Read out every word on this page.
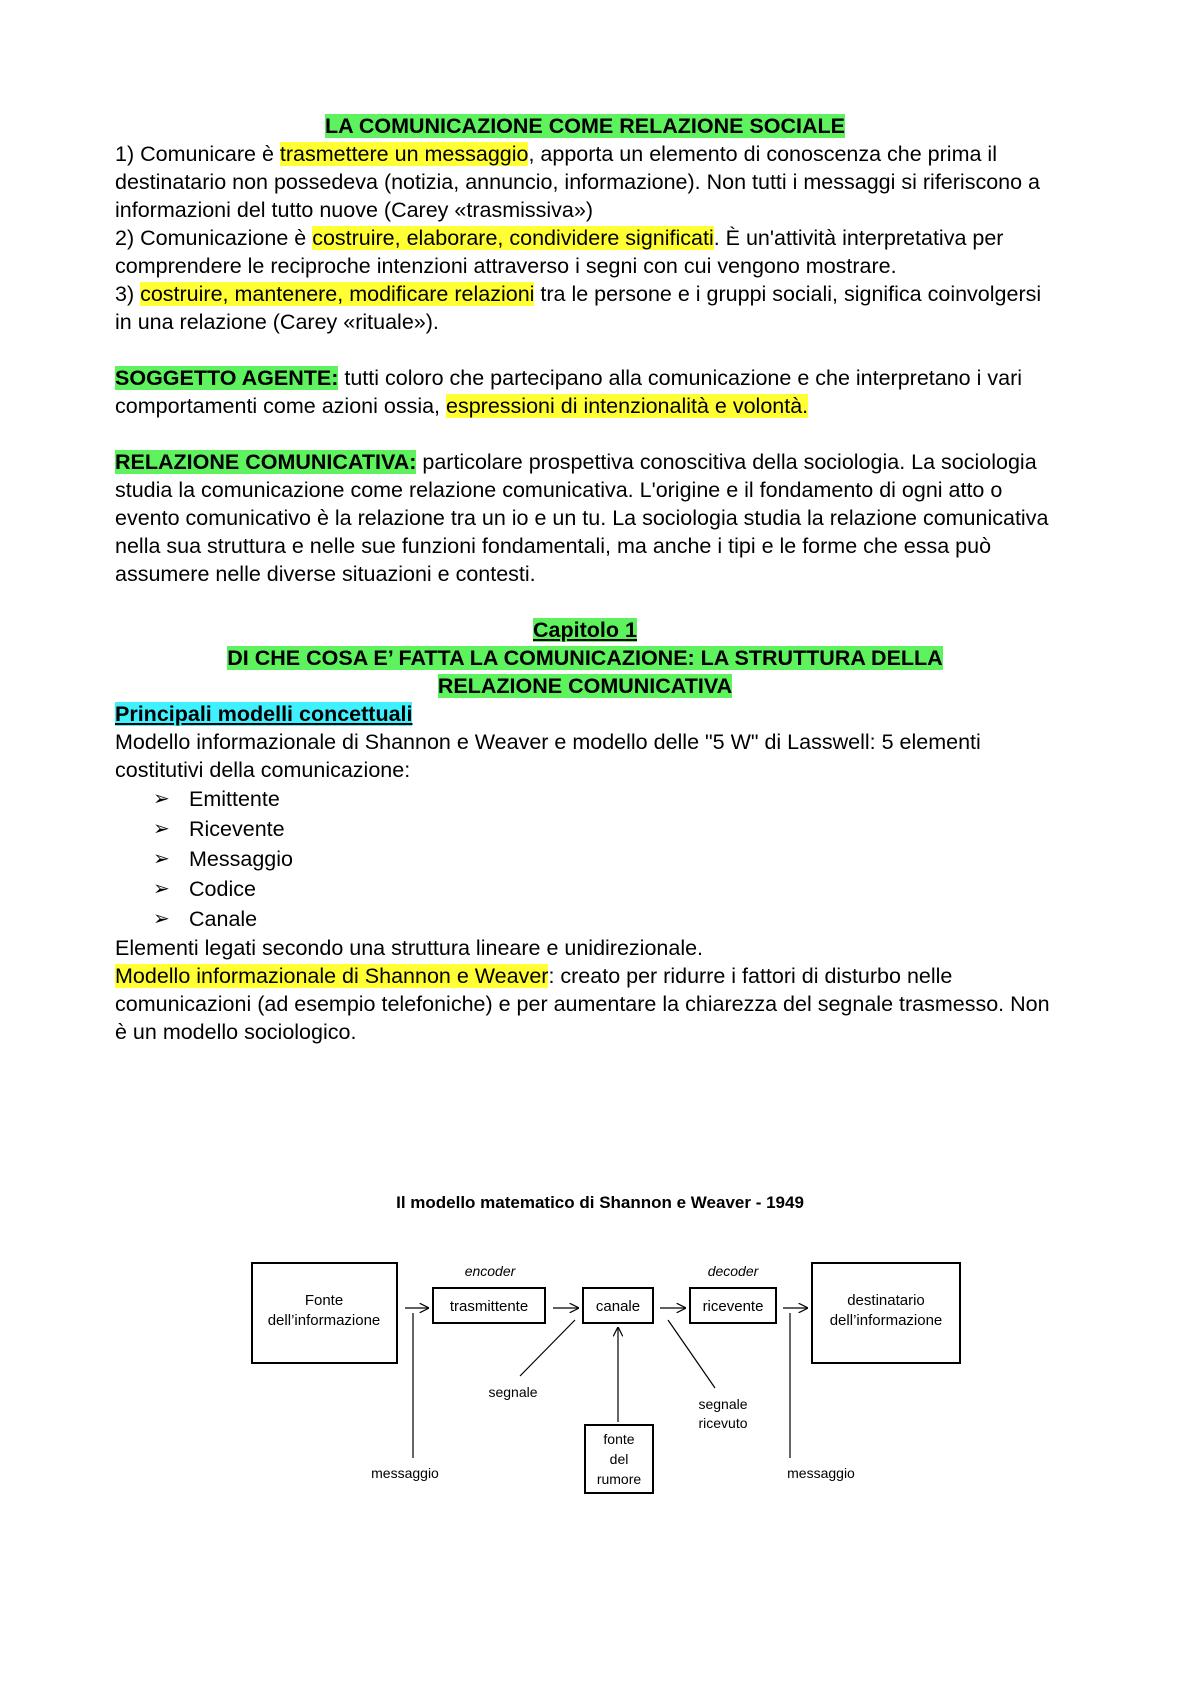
LA COMUNICAZIONE COME RELAZIONE SOCIALE

1) Comunicare è trasmettere un messaggio, apporta un elemento di conoscenza che prima il destinatario non possedeva (notizia, annuncio, informazione). Non tutti i messaggi si riferiscono a informazioni del tutto nuove (Carey «trasmissiva»)

2) Comunicazione è costruire, elaborare, condividere significati. È un'attività interpretativa per comprendere le reciproche intenzioni attraverso i segni con cui vengono mostrare.

3) costruire, mantenere, modificare relazioni tra le persone e i gruppi sociali, significa coinvolgersi in una relazione (Carey «rituale»).

SOGGETTO AGENTE: tutti coloro che partecipano alla comunicazione e che interpretano i vari comportamenti come azioni ossia, espressioni di intenzionalità e volontà.

RELAZIONE COMUNICATIVA: particolare prospettiva conoscitiva della sociologia. La sociologia studia la comunicazione come relazione comunicativa. L'origine e il fondamento di ogni atto o evento comunicativo è la relazione tra un io e un tu. La sociologia studia la relazione comunicativa nella sua struttura e nelle sue funzioni fondamentali, ma anche i tipi e le forme che essa può assumere nelle diverse situazioni e contesti.

Capitolo 1

DI CHE COSA E’ FATTA LA COMUNICAZIONE: LA STRUTTURA DELLA

RELAZIONE COMUNICATIVA

Principali modelli concettuali

Modello informazionale di Shannon e Weaver e modello delle "5 W" di Lasswell: 5 elementi costitutivi della comunicazione:

➢ Emittente
➢ Ricevente
➢ Messaggio
➢ Codice
➢ Canale

Elementi legati secondo una struttura lineare e unidirezionale.

Modello informazionale di Shannon e Weaver: creato per ridurre i fattori di disturbo nelle comunicazioni (ad esempio telefoniche) e per aumentare la chiarezza del segnale trasmesso. Non è un modello sociologico.

Il modello matematico di Shannon e Weaver - 1949
Fonte
dell’informazione
encoder
trasmittente	canale
decoder
ricevente	destinatario
dell’informazione
segnale
segnale
ricevuto
fonte
del
rumore
messaggio	messaggio
